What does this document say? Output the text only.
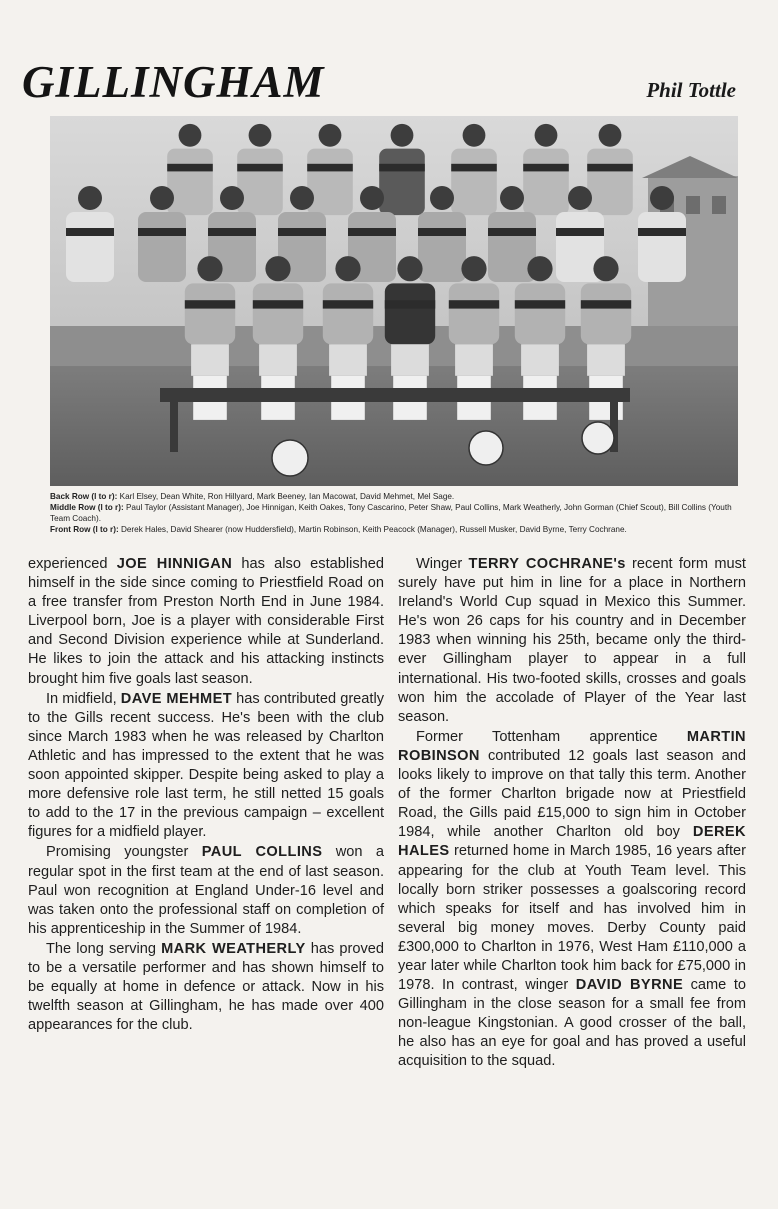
GILLINGHAM	Phil Tottle

Back Row (l to r): Karl Elsey, Dean White, Ron Hillyard, Mark Beeney, Ian Macowat, David Mehmet, Mel Sage.

Middle Row (l to r): Paul Taylor (Assistant Manager), Joe Hinnigan, Keith Oakes, Tony Cascarino, Peter Shaw, Paul Collins, Mark Weatherly, John Gorman (Chief Scout), Bill Collins (Youth Team Coach).

Front Row (l to r): Derek Hales, David Shearer (now Huddersfield), Martin Robinson, Keith Peacock (Manager), Russell Musker, David Byrne, Terry Cochrane.

experienced JOE HINNIGAN has also established himself in the side since coming to Priestfield Road on a free transfer from Preston North End in June 1984. Liverpool born, Joe is a player with considerable First and Second Division experience while at Sunderland. He likes to join the attack and his attacking instincts brought him five goals last season.

In midfield, DAVE MEHMET has contributed greatly to the Gills recent success. He's been with the club since March 1983 when he was released by Charlton Athletic and has impressed to the extent that he was soon appointed skipper. Despite being asked to play a more defensive role last term, he still netted 15 goals to add to the 17 in the previous campaign – excellent figures for a midfield player.

Promising youngster PAUL COLLINS won a regular spot in the first team at the end of last season. Paul won recognition at England Under-16 level and was taken onto the professional staff on completion of his apprenticeship in the Summer of 1984.

The long serving MARK WEATHERLY has proved to be a versatile performer and has shown himself to be equally at home in defence or attack. Now in his twelfth season at Gillingham, he has made over 400 appearances for the club.

Winger TERRY COCHRANE's recent form must surely have put him in line for a place in Northern Ireland's World Cup squad in Mexico this Summer. He's won 26 caps for his country and in December 1983 when winning his 25th, became only the third-ever Gillingham player to appear in a full international. His two-footed skills, crosses and goals won him the accolade of Player of the Year last season.

Former Tottenham apprentice MARTIN ROBINSON contributed 12 goals last season and looks likely to improve on that tally this term. Another of the former Charlton brigade now at Priestfield Road, the Gills paid £15,000 to sign him in October 1984, while another Charlton old boy DEREK HALES returned home in March 1985, 16 years after appearing for the club at Youth Team level. This locally born striker possesses a goalscoring record which speaks for itself and has involved him in several big money moves. Derby County paid £300,000 to Charlton in 1976, West Ham £110,000 a year later while Charlton took him back for £75,000 in 1978. In contrast, winger DAVID BYRNE came to Gillingham in the close season for a small fee from non-league Kingstonian. A good crosser of the ball, he also has an eye for goal and has proved a useful acquisition to the squad.
